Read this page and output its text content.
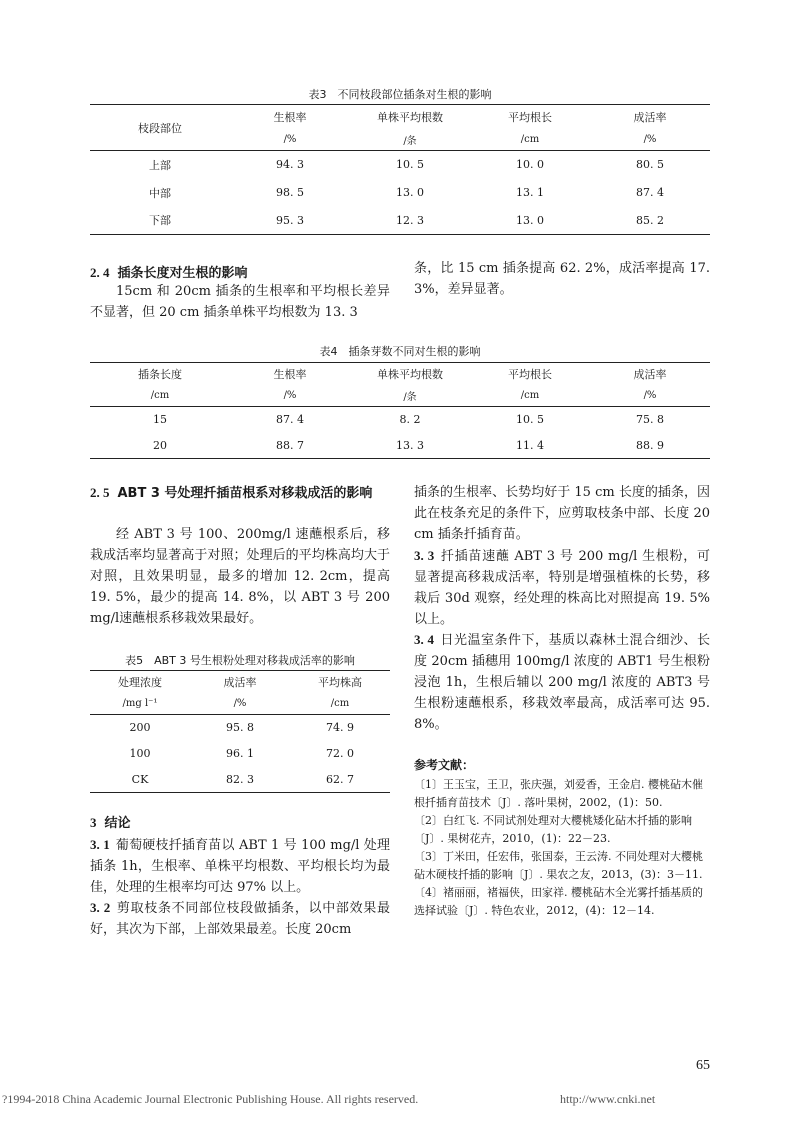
表3　不同枝段部位插条对生根的影响
枝段部位	生根率	单株平均根数	平均根长	成活率
	/%	/条	/cm	/%
上部	94. 3	10. 5	10. 0	80. 5
中部	98. 5	13. 0	13. 1	87. 4
下部	95. 3	12. 3	13. 0	85. 2
2. 4 插条长度对生根的影响
15cm 和 20cm 插条的生根率和平均根长差异不显著，但 20 cm 插条单株平均根数为 13. 3
条，比 15 cm 插条提高 62. 2%，成活率提高 17. 3%，差异显著。
表4　插条芽数不同对生根的影响
插条长度	生根率	单株平均根数	平均根长	成活率
/cm	/%	/条	/cm	/%
15	87. 4	8. 2	10. 5	75. 8
20	88. 7	13. 3	11. 4	88. 9
2. 5 ABT 3 号处理扦插苗根系对移栽成活的影响
经 ABT 3 号 100、200mg/l 速蘸根系后，移栽成活率均显著高于对照；处理后的平均株高均大于对照，且效果明显，最多的增加 12. 2cm，提高 19. 5%，最少的提高 14. 8%，以 ABT 3 号 200 mg/l速蘸根系移栽效果最好。
表5　ABT 3 号生根粉处理对移栽成活率的影响
处理浓度	成活率	平均株高
/mg l⁻¹	/%	/cm
200	95. 8	74. 9
100	96. 1	72. 0
CK	82. 3	62. 7
3 结论
3. 1 葡萄硬枝扦插育苗以 ABT 1 号 100 mg/l 处理插条 1h，生根率、单株平均根数、平均根长均为最佳，处理的生根率均可达 97% 以上。
3. 2 剪取枝条不同部位枝段做插条，以中部效果最好，其次为下部，上部效果最差。长度 20cm
插条的生根率、长势均好于 15 cm 长度的插条，因此在枝条充足的条件下，应剪取枝条中部、长度 20 cm 插条扦插育苗。
3. 3 扦插苗速蘸 ABT 3 号 200 mg/l 生根粉，可显著提高移栽成活率，特别是增强植株的长势，移栽后 30d 观察，经处理的株高比对照提高 19. 5% 以上。
3. 4 日光温室条件下，基质以森林土混合细沙、长度 20cm 插穗用 100mg/l 浓度的 ABT1 号生根粉浸泡 1h，生根后辅以 200 mg/l 浓度的 ABT3 号生根粉速蘸根系，移栽效率最高，成活率可达 95. 8%。
参考文献：
〔1〕王玉宝，王卫，张庆强，刘爱香，王金启. 樱桃砧木催根扦插育苗技术〔J〕. 落叶果树，2002，(1)：50.
〔2〕白红飞. 不同试剂处理对大樱桃矮化砧木扦插的影响〔J〕. 果树花卉，2010，(1)：22－23.
〔3〕丁米田，任宏伟，张国泰，王云涛. 不同处理对大樱桃砧木硬枝扦插的影响〔J〕. 果农之友，2013，(3)：3－11.
〔4〕褚丽丽，褚福侠，田家祥. 樱桃砧木全光雾扦插基质的选择试验〔J〕. 特色农业，2012，(4)：12－14.
65
?1994-2018 China Academic Journal Electronic Publishing House. All rights reserved.	http://www.cnki.net
